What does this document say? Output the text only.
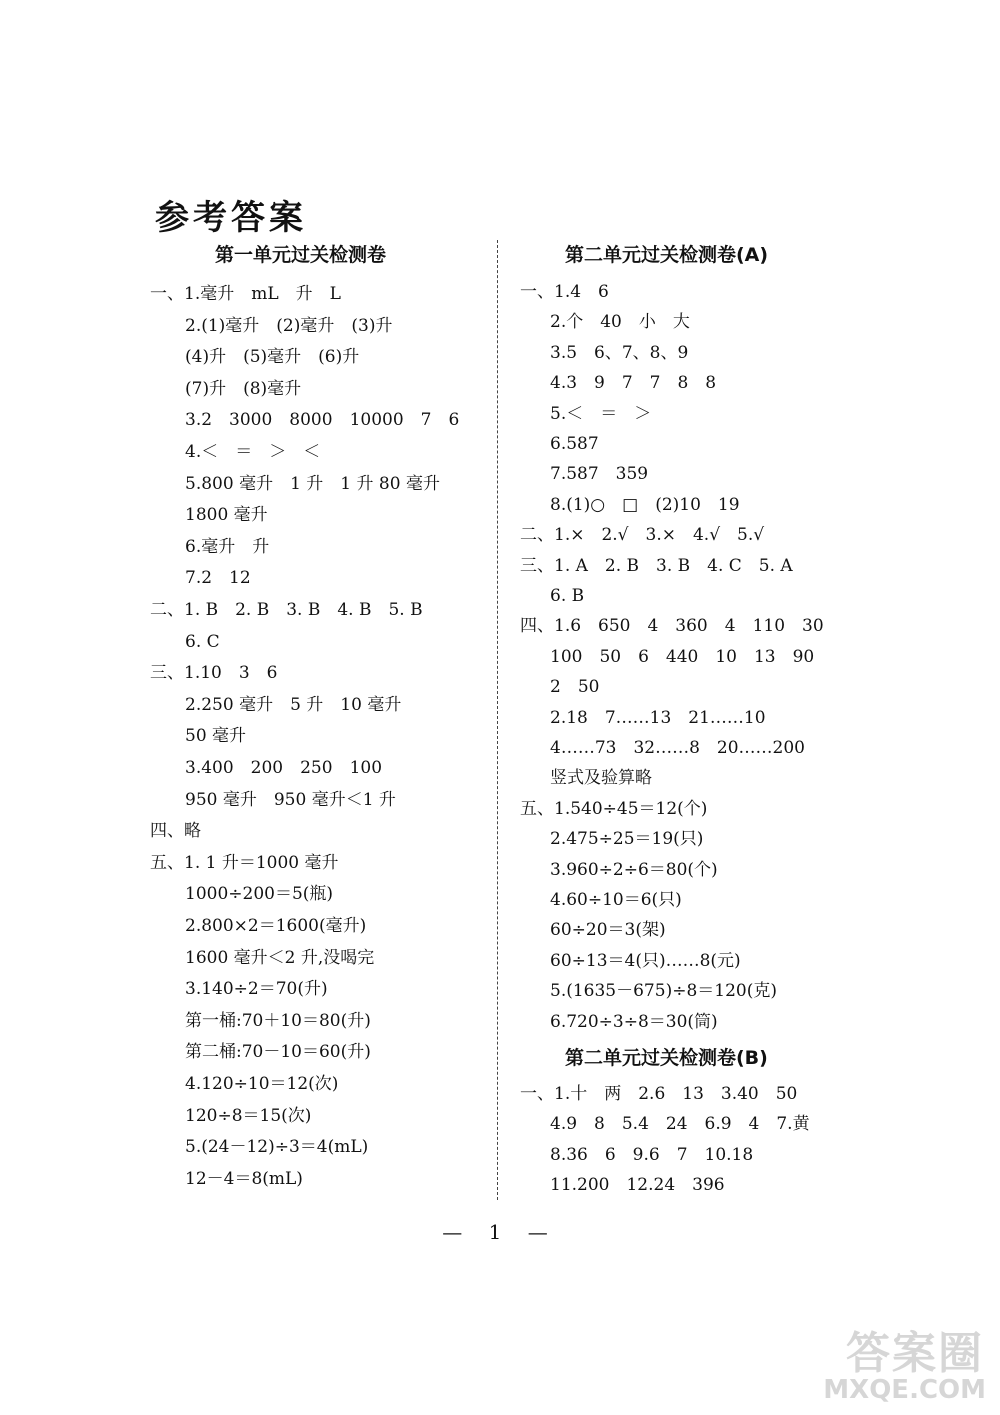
参考答案
第一单元过关检测卷
一、1.毫升　mL　升　L
2.(1)毫升　(2)毫升　(3)升
(4)升　(5)毫升　(6)升
(7)升　(8)毫升
3.2　3000　8000　10000　7　6
4.＜　＝　＞　＜
5.800 毫升　1 升　1 升 80 毫升
1800 毫升
6.毫升　升
7.2　12
二、1. B　2. B　3. B　4. B　5. B
6. C
三、1.10　3　6
2.250 毫升　5 升　10 毫升
50 毫升
3.400　200　250　100
950 毫升　950 毫升＜1 升
四、略
五、1. 1 升＝1000 毫升
1000÷200＝5(瓶)
2.800×2＝1600(毫升)
1600 毫升＜2 升,没喝完
3.140÷2＝70(升)
第一桶:70＋10＝80(升)
第二桶:70－10＝60(升)
4.120÷10＝12(次)
120÷8＝15(次)
5.(24－12)÷3＝4(mL)
12－4＝8(mL)
第二单元过关检测卷(A)
第二单元过关检测卷(B)
一、1.4　6
2.个　40　小　大
3.5　6、7、8、9
4.3　9　7　7　8　8
5.＜　＝　＞
6.587
7.587　359
8.(1)○　□　(2)10　19
二、1.×　2.√　3.×　4.√　5.√
三、1. A　2. B　3. B　4. C　5. A
6. B
四、1.6　650　4　360　4　110　30
100　50　6　440　10　13　90
2　50
2.18　7……13　21……10
4……73　32……8　20……200
竖式及验算略
五、1.540÷45＝12(个)
2.475÷25＝19(只)
3.960÷2÷6＝80(个)
4.60÷10＝6(只)
60÷20＝3(架)
60÷13＝4(只)……8(元)
5.(1635－675)÷8＝120(克)
6.720÷3÷8＝30(筒)
一、1.十　两　2.6　13　3.40　50
4.9　8　5.4　24　6.9　4　7.黄
8.36　6　9.6　7　10.18
11.200　12.24　396
— 1 —
答案圈
MXQE.COM
